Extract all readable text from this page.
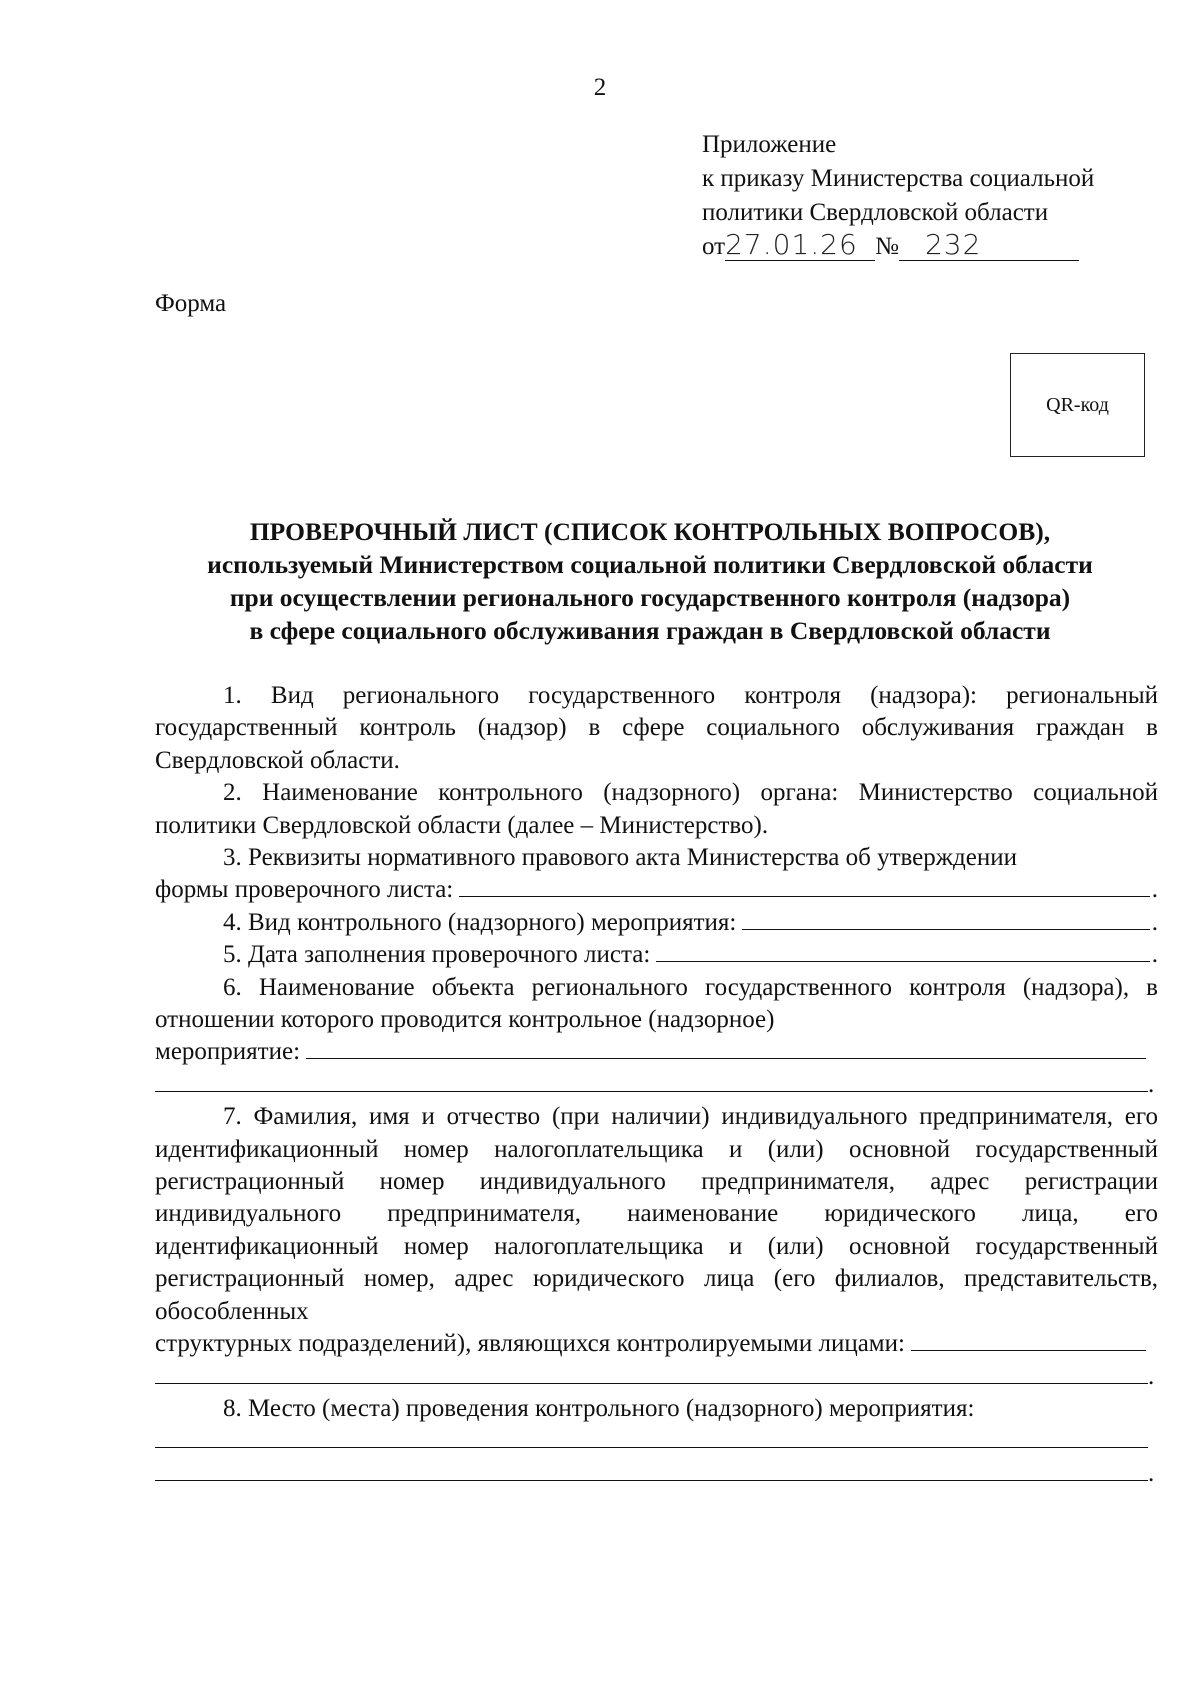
2
Приложение
к приказу Министерства социальной
политики Свердловской области
от27.01.26 № 232
Форма
QR-код
ПРОВЕРОЧНЫЙ ЛИСТ (СПИСОК КОНТРОЛЬНЫХ ВОПРОСОВ),
используемый Министерством социальной политики Свердловской области
при осуществлении регионального государственного контроля (надзора)
в сфере социального обслуживания граждан в Свердловской области

1. Вид регионального государственного контроля (надзора): региональный государственный контроль (надзор) в сфере социального обслуживания граждан в Свердловской области.

2. Наименование контрольного (надзорного) органа: Министерство социальной политики Свердловской области (далее – Министерство).

3. Реквизиты нормативного правового акта Министерства об утверждении

формы проверочного листа:	.
4. Вид контрольного (надзорного) мероприятия:	.
5. Дата заполнения проверочного листа:	.

6. Наименование объекта регионального государственного контроля (надзора), в отношении которого проводится контрольное (надзорное)

мероприятие:
.

7. Фамилия, имя и отчество (при наличии) индивидуального предпринимателя, его идентификационный номер налогоплательщика и (или) основной государственный регистрационный номер индивидуального предпринимателя, адрес регистрации индивидуального предпринимателя, наименование юридического лица, его идентификационный номер налогоплательщика и (или) основной государственный регистрационный номер, адрес юридического лица (его филиалов, представительств, обособленных

структурных подразделений), являющихся контролируемыми лицами:
.

8. Место (места) проведения контрольного (надзорного) мероприятия:

.
